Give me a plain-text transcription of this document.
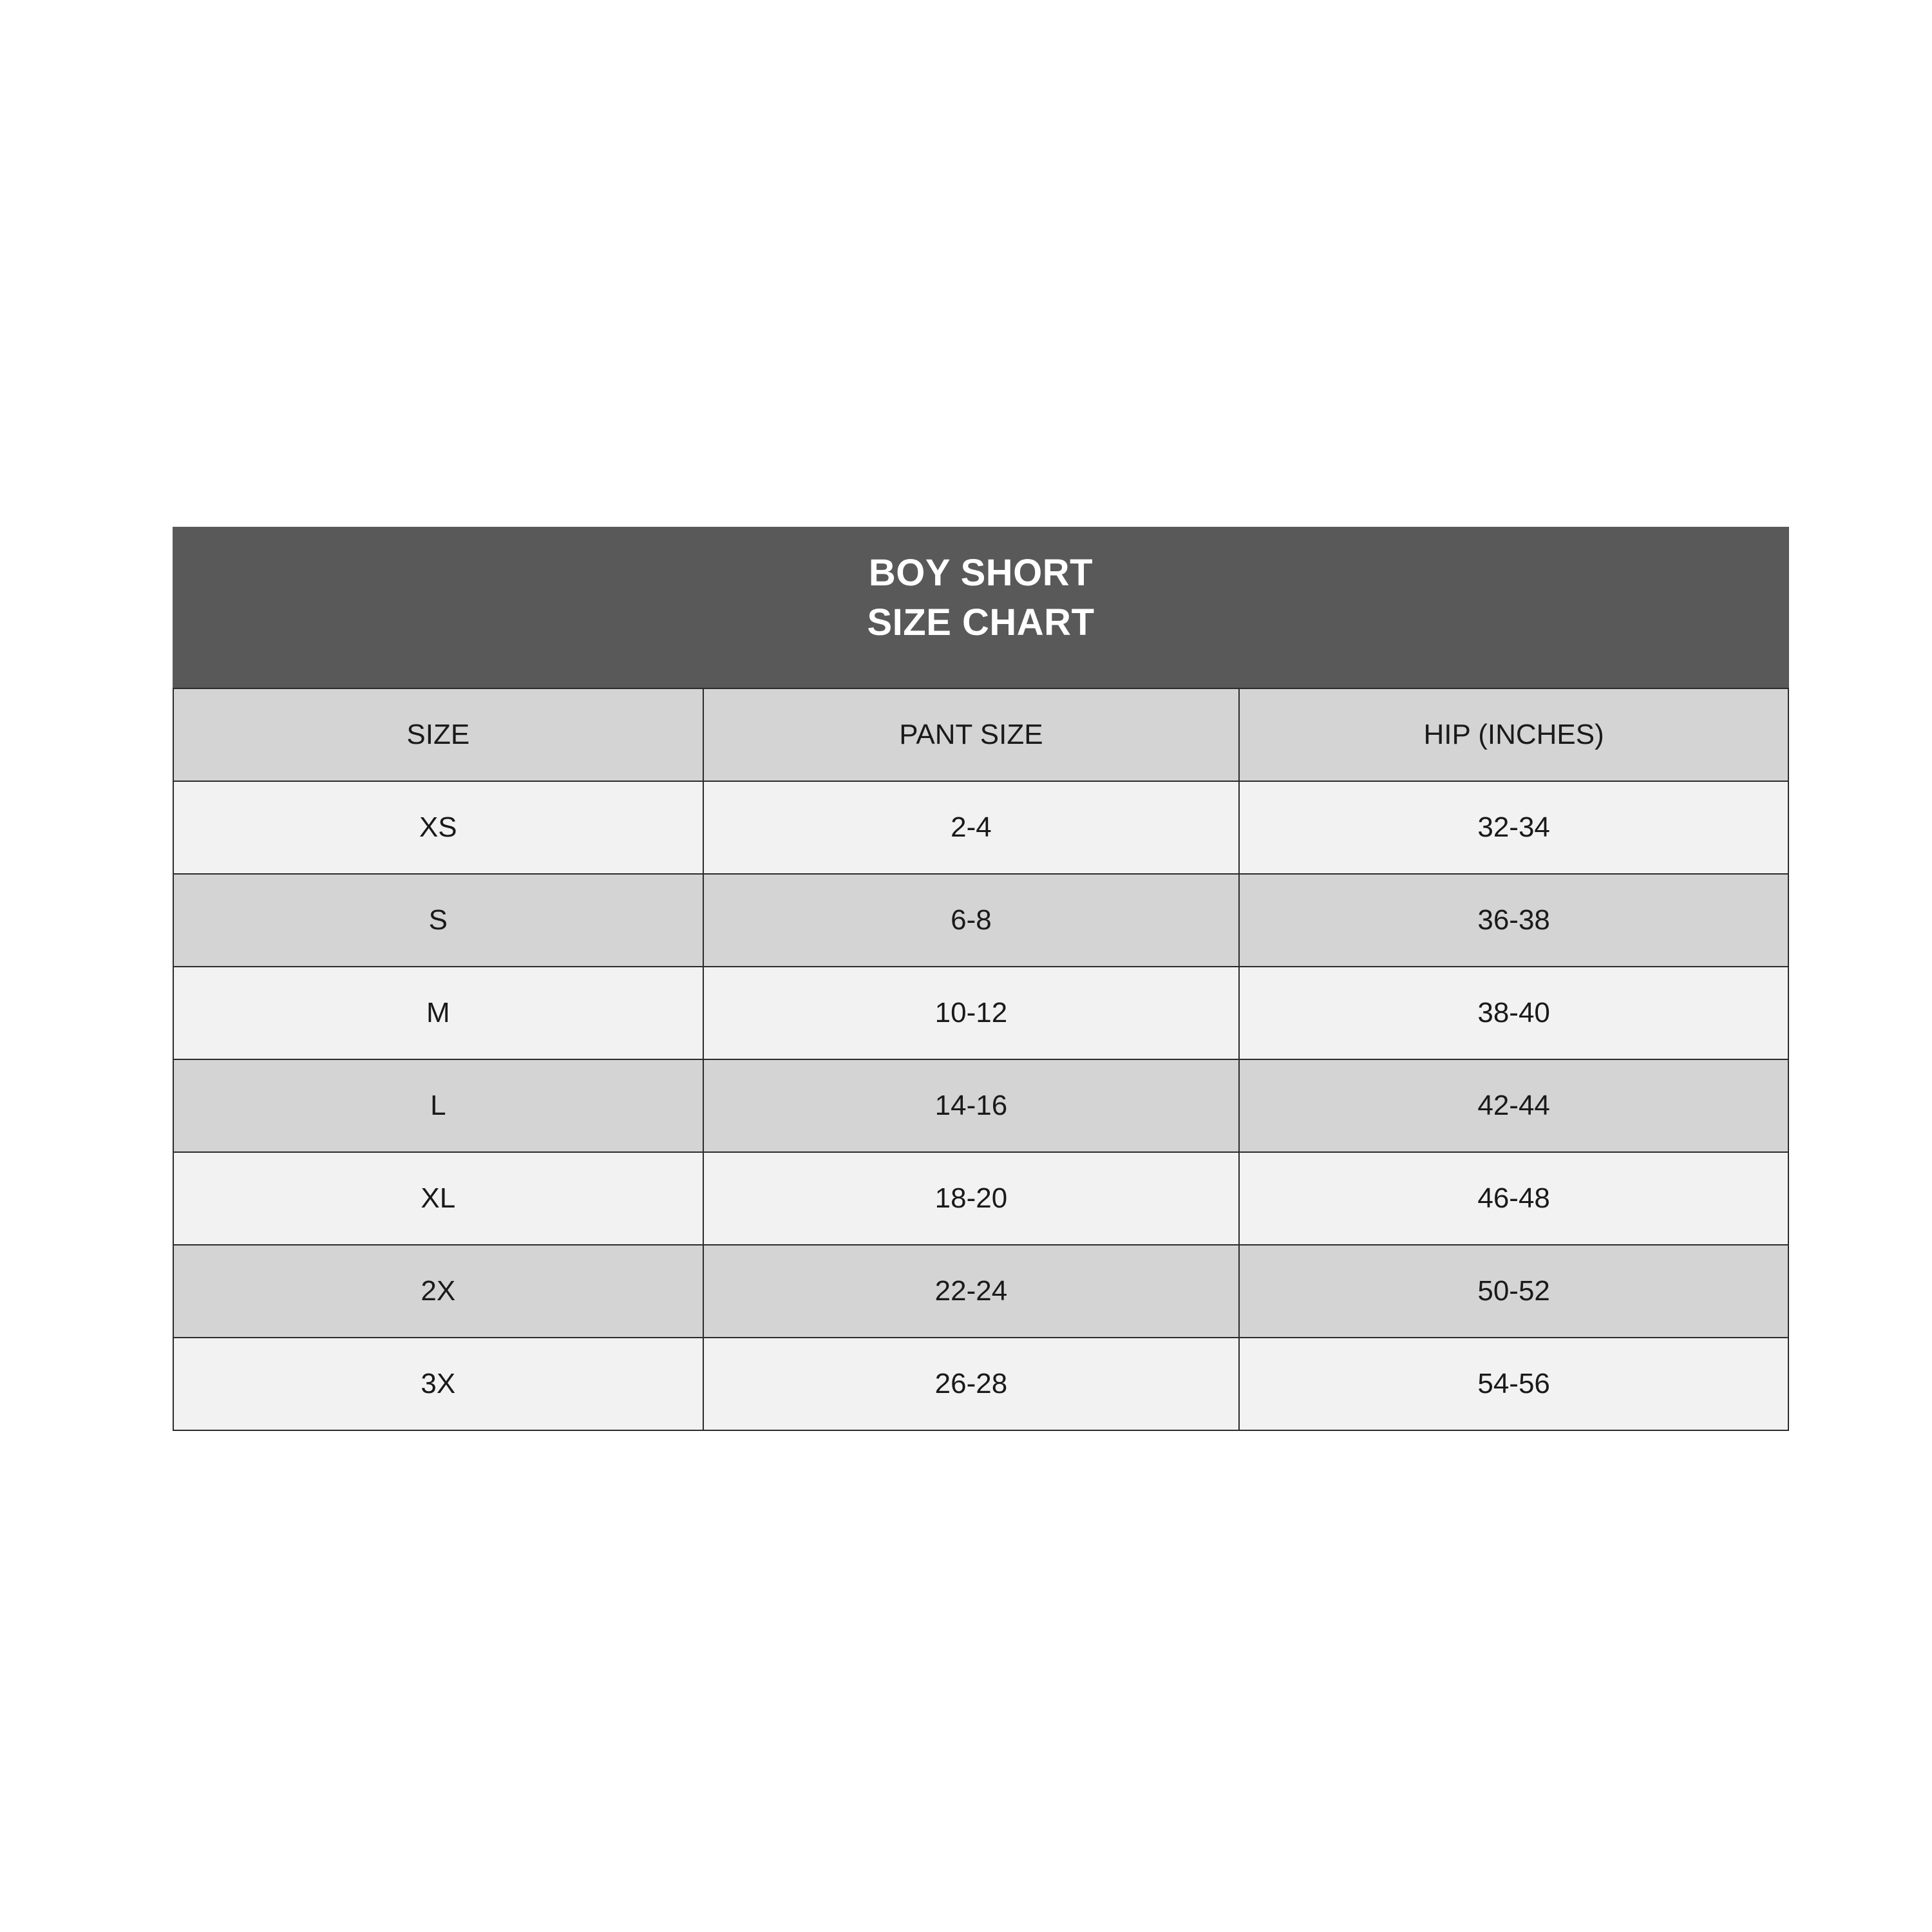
BOY SHORT
SIZE CHART
SIZE	PANT SIZE	HIP (INCHES)
XS	2-4	32-34
S	6-8	36-38
M	10-12	38-40
L	14-16	42-44
XL	18-20	46-48
2X	22-24	50-52
3X	26-28	54-56
